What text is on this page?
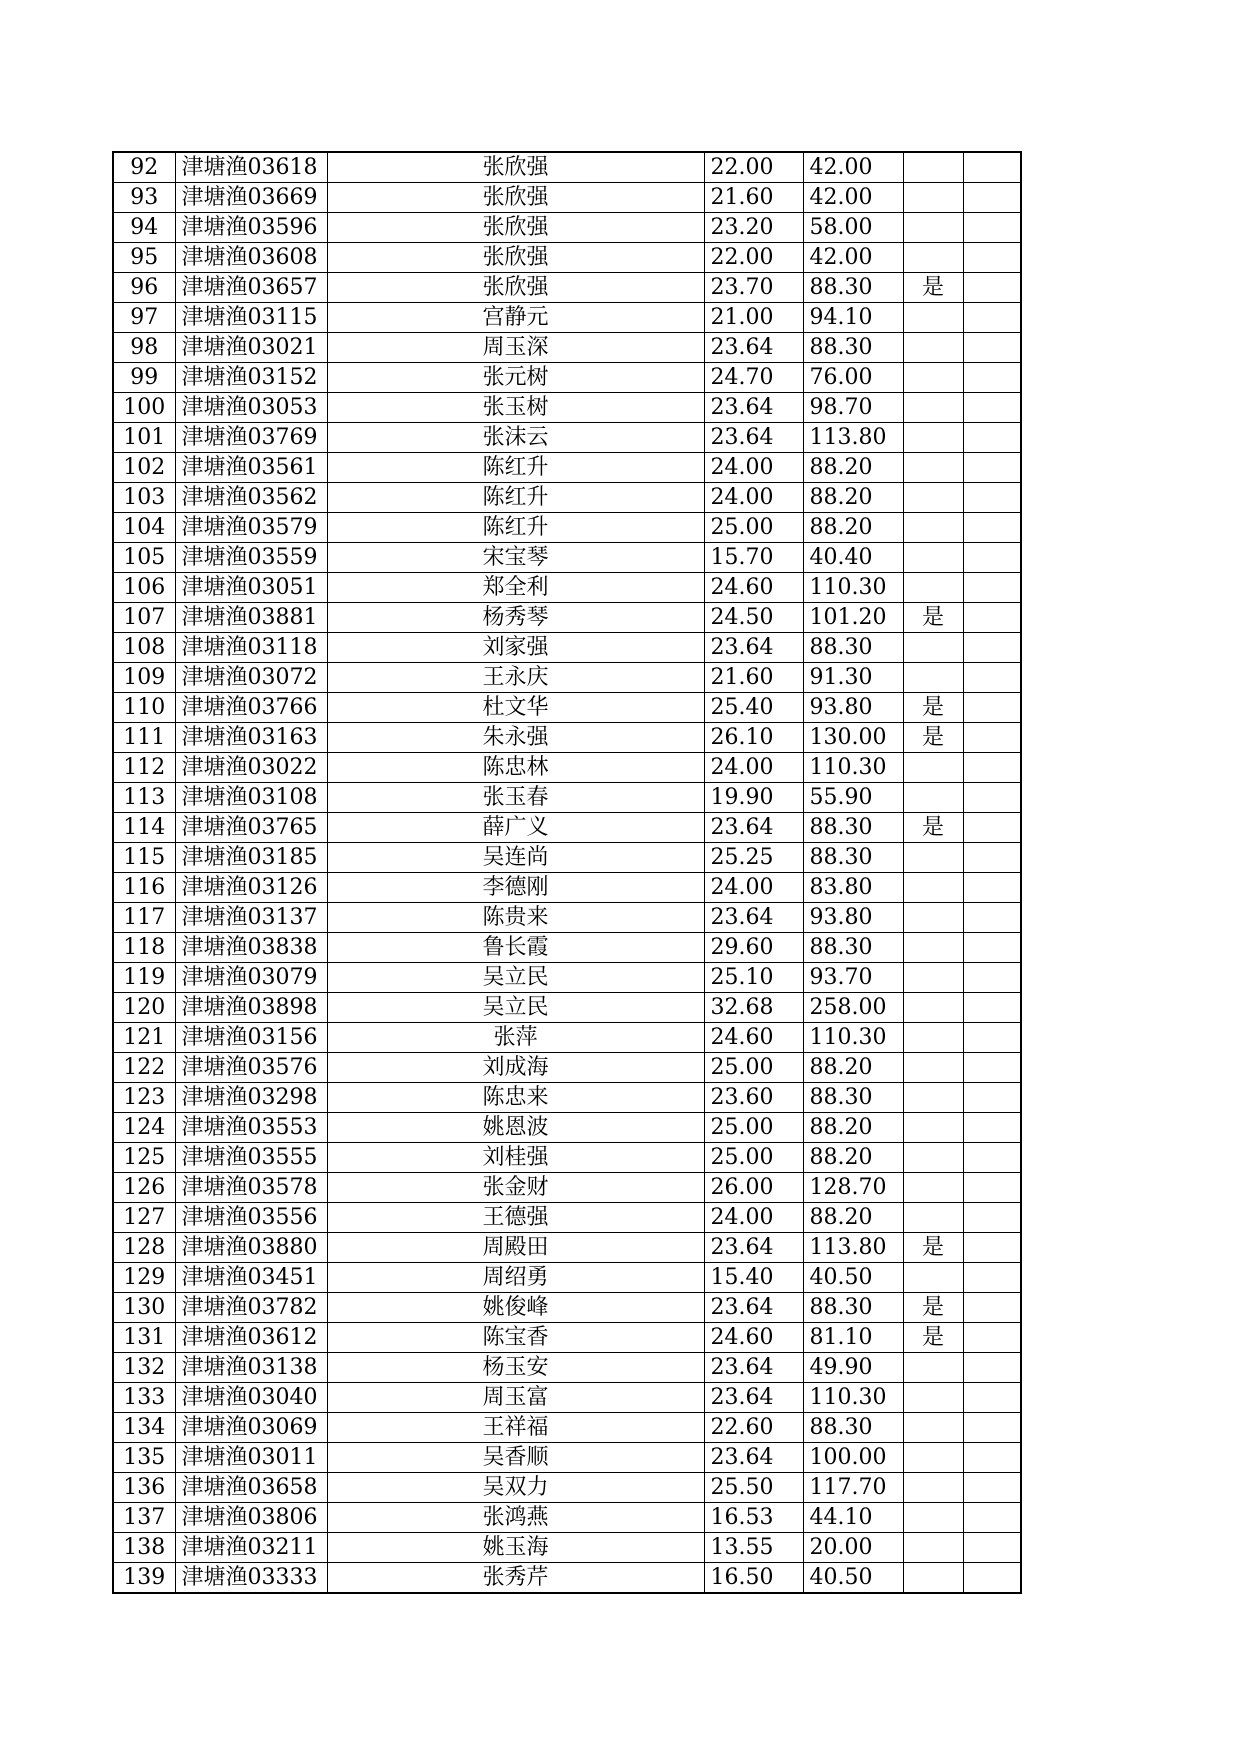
92	津塘渔03618	张欣强	22.00	42.00		
93	津塘渔03669	张欣强	21.60	42.00		
94	津塘渔03596	张欣强	23.20	58.00		
95	津塘渔03608	张欣强	22.00	42.00		
96	津塘渔03657	张欣强	23.70	88.30	是	
97	津塘渔03115	宫静元	21.00	94.10		
98	津塘渔03021	周玉深	23.64	88.30		
99	津塘渔03152	张元树	24.70	76.00		
100	津塘渔03053	张玉树	23.64	98.70		
101	津塘渔03769	张沫云	23.64	113.80		
102	津塘渔03561	陈红升	24.00	88.20		
103	津塘渔03562	陈红升	24.00	88.20		
104	津塘渔03579	陈红升	25.00	88.20		
105	津塘渔03559	宋宝琴	15.70	40.40		
106	津塘渔03051	郑全利	24.60	110.30		
107	津塘渔03881	杨秀琴	24.50	101.20	是	
108	津塘渔03118	刘家强	23.64	88.30		
109	津塘渔03072	王永庆	21.60	91.30		
110	津塘渔03766	杜文华	25.40	93.80	是	
111	津塘渔03163	朱永强	26.10	130.00	是	
112	津塘渔03022	陈忠林	24.00	110.30		
113	津塘渔03108	张玉春	19.90	55.90		
114	津塘渔03765	薛广义	23.64	88.30	是	
115	津塘渔03185	吴连尚	25.25	88.30		
116	津塘渔03126	李德刚	24.00	83.80		
117	津塘渔03137	陈贵来	23.64	93.80		
118	津塘渔03838	鲁长霞	29.60	88.30		
119	津塘渔03079	吴立民	25.10	93.70		
120	津塘渔03898	吴立民	32.68	258.00		
121	津塘渔03156	张萍	24.60	110.30		
122	津塘渔03576	刘成海	25.00	88.20		
123	津塘渔03298	陈忠来	23.60	88.30		
124	津塘渔03553	姚恩波	25.00	88.20		
125	津塘渔03555	刘桂强	25.00	88.20		
126	津塘渔03578	张金财	26.00	128.70		
127	津塘渔03556	王德强	24.00	88.20		
128	津塘渔03880	周殿田	23.64	113.80	是	
129	津塘渔03451	周绍勇	15.40	40.50		
130	津塘渔03782	姚俊峰	23.64	88.30	是	
131	津塘渔03612	陈宝香	24.60	81.10	是	
132	津塘渔03138	杨玉安	23.64	49.90		
133	津塘渔03040	周玉富	23.64	110.30		
134	津塘渔03069	王祥福	22.60	88.30		
135	津塘渔03011	吴香顺	23.64	100.00		
136	津塘渔03658	吴双力	25.50	117.70		
137	津塘渔03806	张鸿燕	16.53	44.10		
138	津塘渔03211	姚玉海	13.55	20.00		
139	津塘渔03333	张秀芹	16.50	40.50		
